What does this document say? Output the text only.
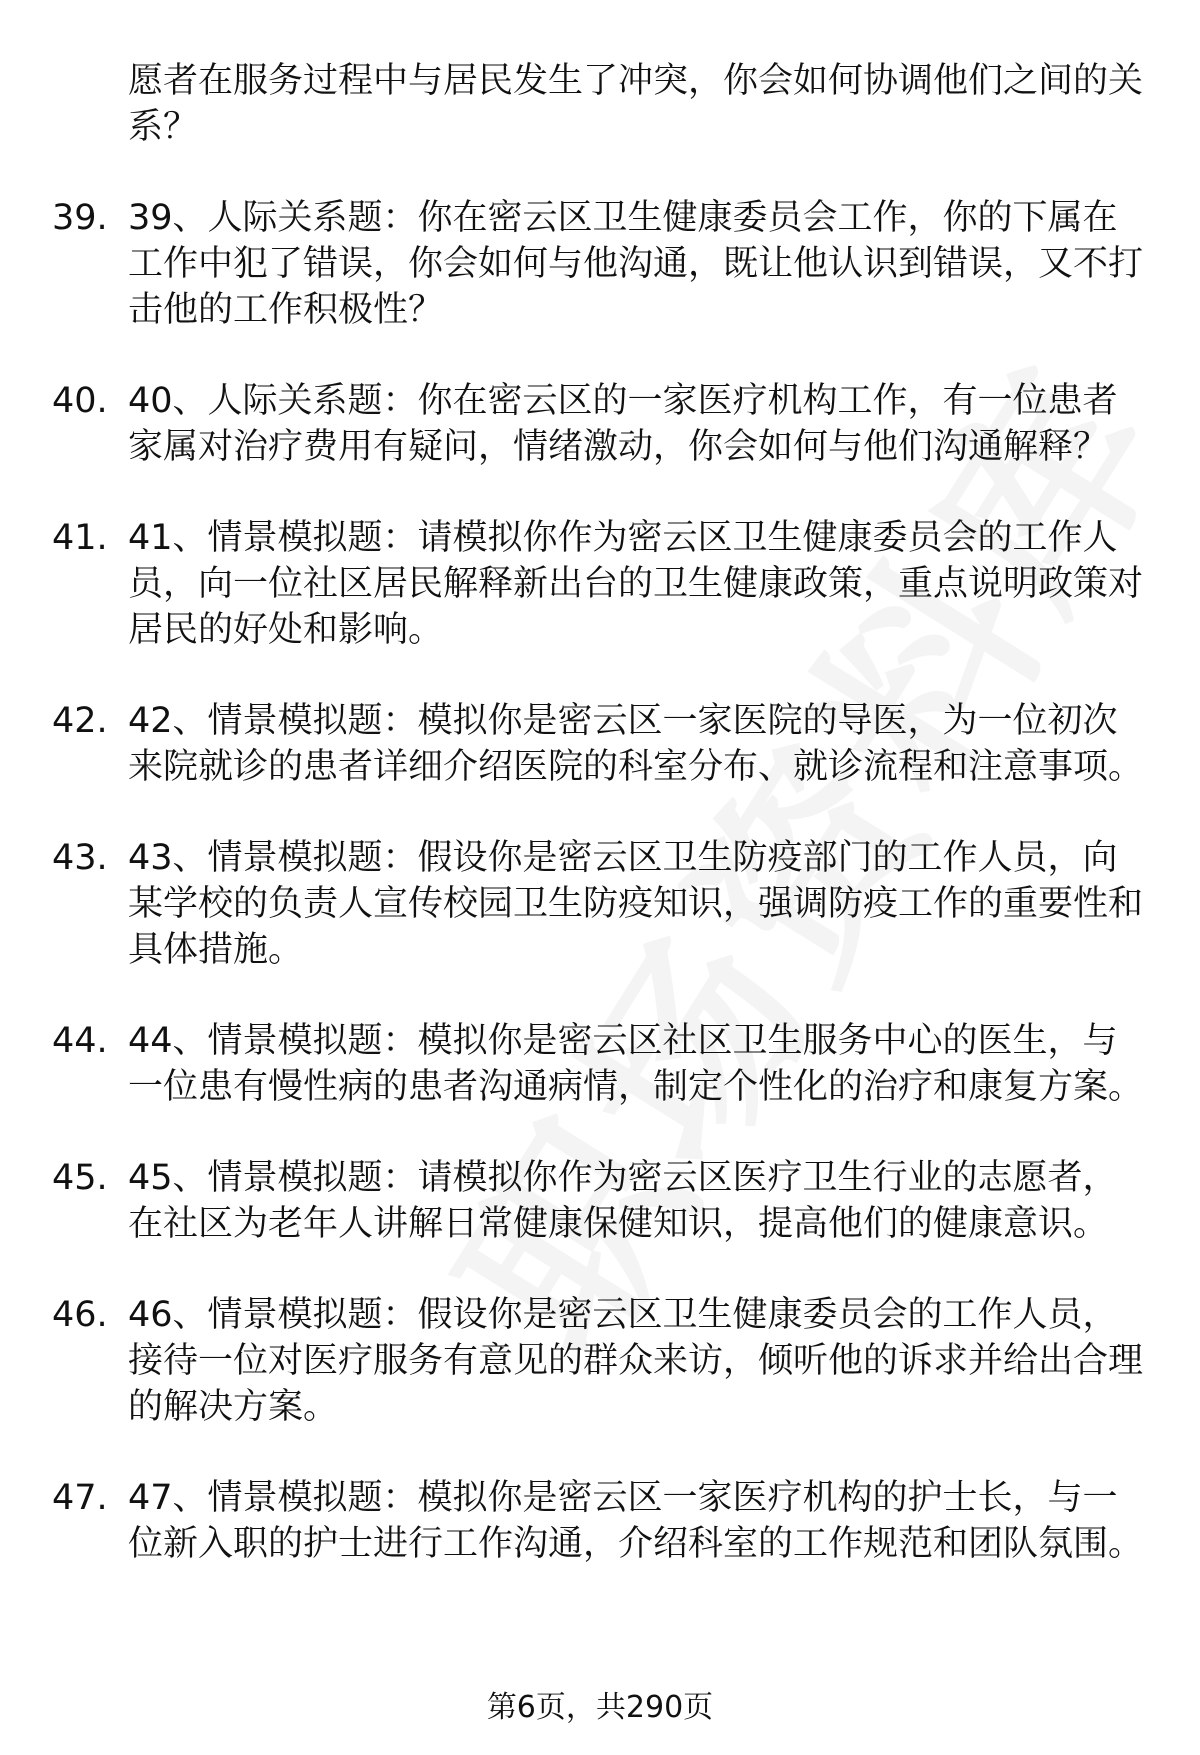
愿者在服务过程中与居民发生了冲突，你会如何协调他们之间的关系？
39. 39、人际关系题：你在密云区卫生健康委员会工作，你的下属在工作中犯了错误，你会如何与他沟通，既让他认识到错误，又不打击他的工作积极性？
40. 40、人际关系题：你在密云区的一家医疗机构工作，有一位患者家属对治疗费用有疑问，情绪激动，你会如何与他们沟通解释？
41. 41、情景模拟题：请模拟你作为密云区卫生健康委员会的工作人员，向一位社区居民解释新出台的卫生健康政策，重点说明政策对居民的好处和影响。
42. 42、情景模拟题：模拟你是密云区一家医院的导医，为一位初次来院就诊的患者详细介绍医院的科室分布、就诊流程和注意事项。
43. 43、情景模拟题：假设你是密云区卫生防疫部门的工作人员，向某学校的负责人宣传校园卫生防疫知识，强调防疫工作的重要性和具体措施。
44. 44、情景模拟题：模拟你是密云区社区卫生服务中心的医生，与一位患有慢性病的患者沟通病情，制定个性化的治疗和康复方案。
45. 45、情景模拟题：请模拟你作为密云区医疗卫生行业的志愿者，在社区为老年人讲解日常健康保健知识，提高他们的健康意识。
46. 46、情景模拟题：假设你是密云区卫生健康委员会的工作人员，接待一位对医疗服务有意见的群众来访，倾听他的诉求并给出合理的解决方案。
47. 47、情景模拟题：模拟你是密云区一家医疗机构的护士长，与一位新入职的护士进行工作沟通，介绍科室的工作规范和团队氛围。
第6页，共290页
